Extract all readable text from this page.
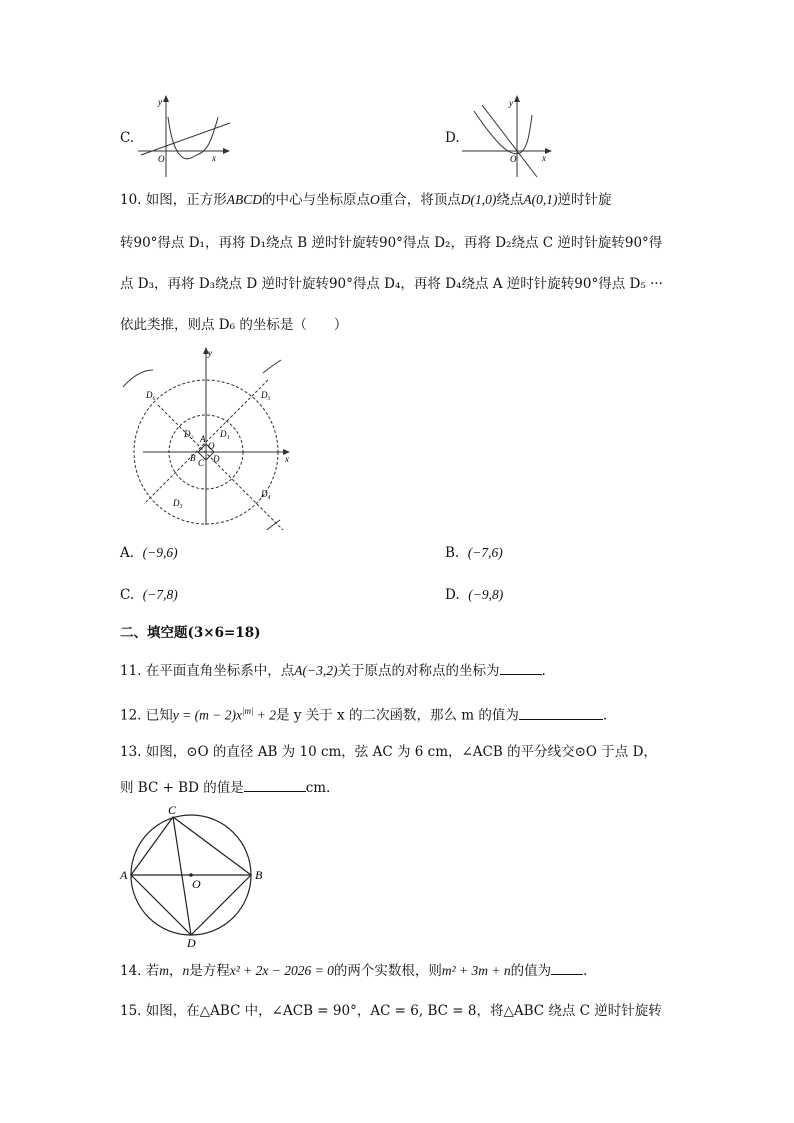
C.
y
x
O
D.
y
x
O
10. 如图，正方形ABCD的中心与坐标原点O重合，将顶点D(1,0)绕点A(0,1)逆时针旋
转90°得点 D₁，再将 D₁绕点 B 逆时针旋转90°得点 D₂，再将 D₂绕点 C 逆时针旋转90°得
点 D₃，再将 D₃绕点 D 逆时针旋转90°得点 D₄，再将 D₄绕点 A 逆时针旋转90°得点 D₅ ···
依此类推，则点 D₆ 的坐标是（　　）
y
x
D₆	D₅
D₂	D₁
A
O
B C D
D₃
D₄
A. (−9,6)	B. (−7,6)
C. (−7,8)	D. (−9,8)
二、填空题(3×6=18)
11. 在平面直角坐标系中，点A(−3,2)关于原点的对称点的坐标为	.
12. 已知$y = (m - 2)x^{|m|} + 2$是 y 关于 x 的二次函数，那么 m 的值为	.
13. 如图，⊙O 的直径 AB 为 10 cm，弦 AC 为 6 cm，∠ACB 的平分线交⊙O 于点 D，
则 BC + BD 的值是	cm．
C
A
O
B
D
14. 若m，n是方程x² + 2x − 2026 = 0的两个实数根，则m² + 3m + n的值为 .
15. 如图，在△ABC 中，∠ACB = 90°，AC = 6, BC = 8，将△ABC 绕点 C 逆时针旋转
